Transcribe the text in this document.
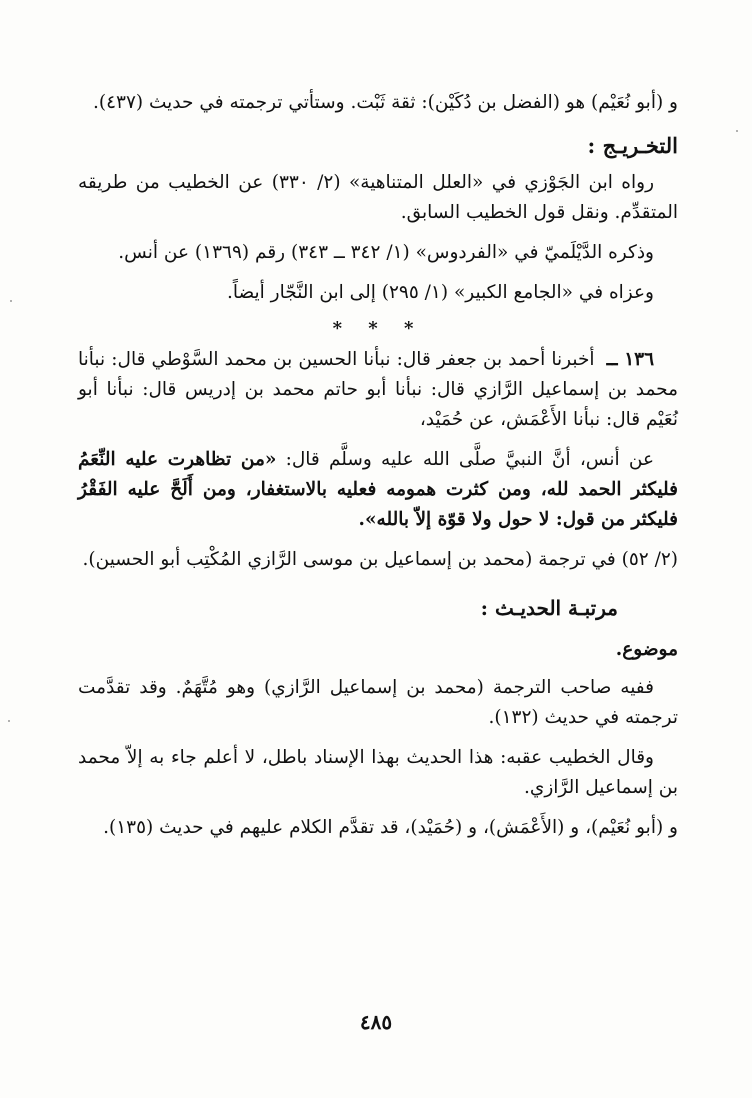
و (أبو نُعَيْم) هو (الفضل بن دُكَيْن): ثقة ثَبْت. وستأتي ترجمته في حديث (٤٣٧).
التخـريـج :
رواه ابن الجَوْزي في «العلل المتناهية» (٢/ ٣٣٠) عن الخطيب من طريقه المتقدِّم. ونقل قول الخطيب السابق.
وذكره الدَّيْلَميّ في «الفردوس» (١/ ٣٤٢ ــ ٣٤٣) رقم (١٣٦٩) عن أنس.
وعزاه في «الجامع الكبير» (١/ ٢٩٥) إلى ابن النَّجّار أيضاً.
* * *
١٣٦ ــ أخبرنا أحمد بن جعفر قال: نبأنا الحسين بن محمد السَّوْطي قال: نبأنا محمد بن إسماعيل الرَّازي قال: نبأنا أبو حاتم محمد بن إدريس قال: نبأنا أبو نُعَيْم قال: نبأنا الأَعْمَش، عن حُمَيْد،
عن أنس، أنَّ النبيَّ صلَّى الله عليه وسلَّم قال: «من تظاهرت عليه النِّعَمُ فليكثر الحمد لله، ومن كثرت همومه فعليه بالاستغفار، ومن أَلَحَّ عليه الفَقْرُ فليكثر من قول: لا حول ولا قوّة إلاّ بالله».
(٢/ ٥٢) في ترجمة (محمد بن إسماعيل بن موسى الرَّازي المُكْتِب أبو الحسين).
مرتبـة الحديـث :
موضوع.
ففيه صاحب الترجمة (محمد بن إسماعيل الرَّازي) وهو مُتَّهَمٌ. وقد تقدَّمت ترجمته في حديث (١٣٢).
وقال الخطيب عقبه: هذا الحديث بهذا الإسناد باطل، لا أعلم جاء به إلاّ محمد بن إسماعيل الرَّازي.
و (أبو نُعَيْم)، و (الأَعْمَش)، و (حُمَيْد)، قد تقدَّم الكلام عليهم في حديث (١٣٥).
٤٨٥
